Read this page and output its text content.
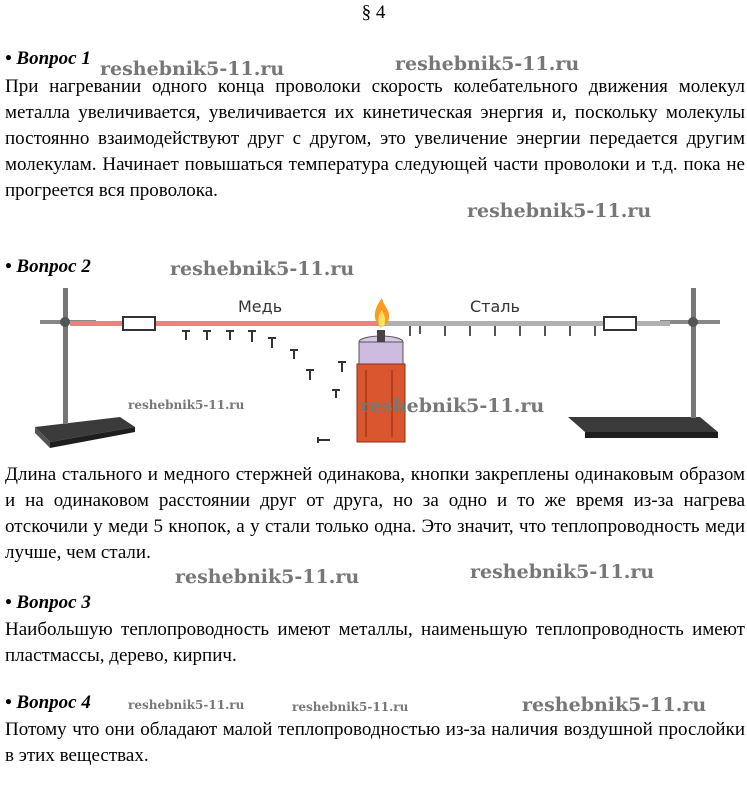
§ 4
• Вопрос 1
При нагревании одного конца проволоки скорость колебательного движения молекул металла увеличивается, увеличивается их кинетическая энергия и, поскольку молекулы постоянно взаимодействуют друг с другом, это увеличение энергии передается другим молекулам. Начинает повышаться температура следующей части проволоки и т.д. пока не прогреется вся проволока.
• Вопрос 2
Медь	Сталь
Длина стального и медного стержней одинакова, кнопки закреплены одинаковым образом и на одинаковом расстоянии друг от друга, но за одно и то же время из-за нагрева отскочили у меди 5 кнопок, а у стали только одна. Это значит, что теплопроводность меди лучше, чем стали.
• Вопрос 3
Наибольшую теплопроводность имеют металлы, наименьшую теплопроводность имеют пластмассы, дерево, кирпич.
• Вопрос 4
Потому что они обладают малой теплопроводностью из-за наличия воздушной прослойки в этих веществах.
reshebnik5-11.ru	reshebnik5-11.ru
reshebnik5-11.ru
reshebnik5-11.ru
reshebnik5-11.ru	reshebnik5-11.ru
reshebnik5-11.ru	reshebnik5-11.ru
reshebnik5-11.ru	reshebnik5-11.ru	reshebnik5-11.ru
